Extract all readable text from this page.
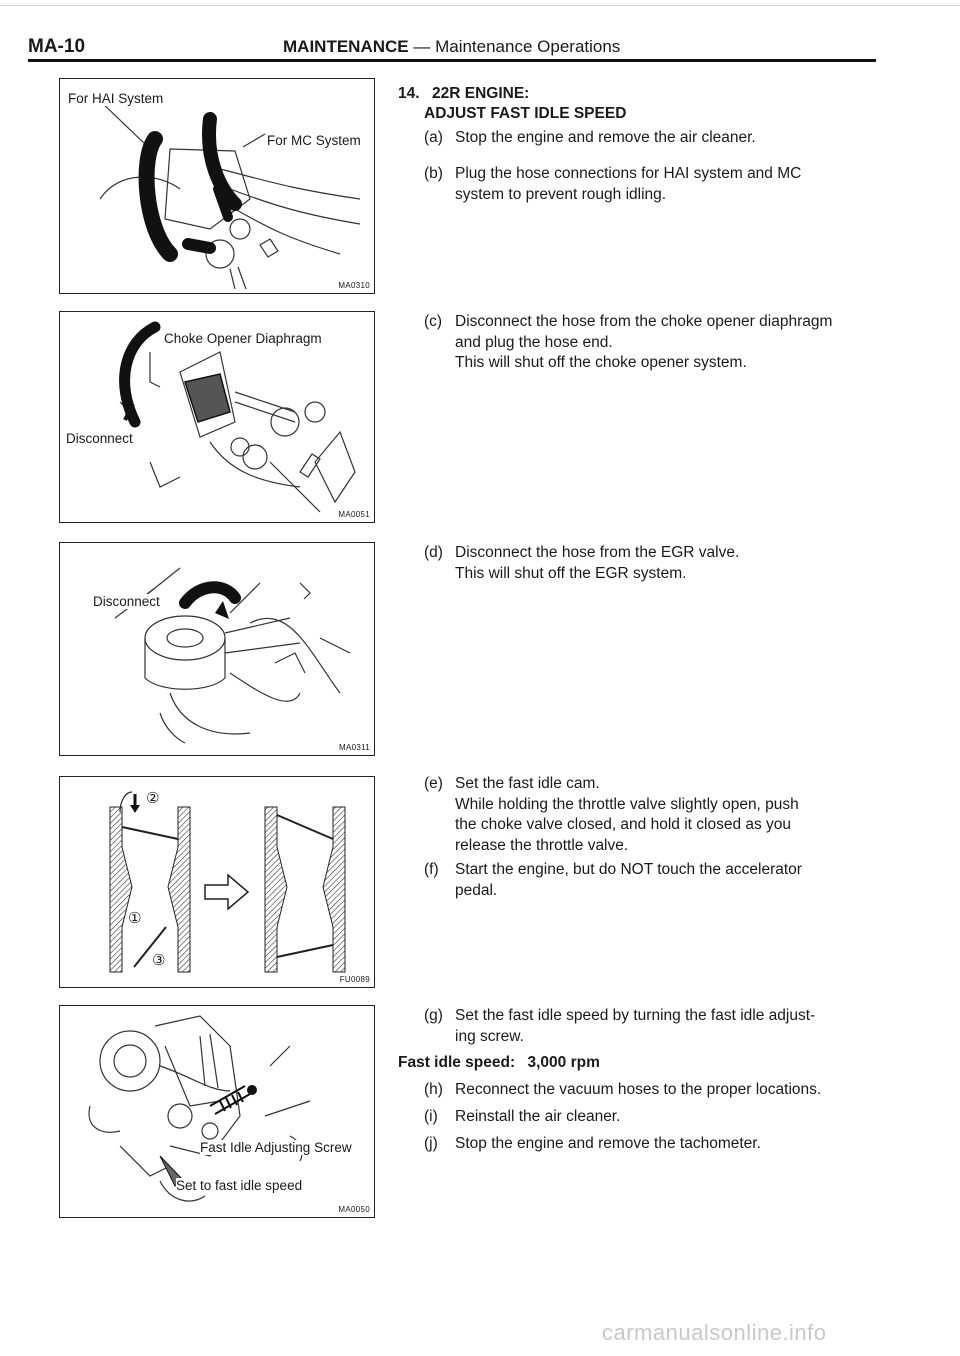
MA-10	MAINTENANCE — Maintenance Operations
For HAI System
For MC System
MA0310
Choke Opener Diaphragm
Disconnect
MA0051
Disconnect
MA0311
②
①
③
FU0089
Fast Idle Adjusting Screw
Set to fast idle speed
MA0050
14. 22R ENGINE:
ADJUST FAST IDLE SPEED
(a) Stop the engine and remove the air cleaner.
(b) Plug the hose connections for HAI system and MC
system to prevent rough idling.
(c) Disconnect the hose from the choke opener diaphragm
and plug the hose end.
This will shut off the choke opener system.
(d) Disconnect the hose from the EGR valve.
This will shut off the EGR system.
(e) Set the fast idle cam.
While holding the throttle valve slightly open, push
the choke valve closed, and hold it closed as you
release the throttle valve.
(f) Start the engine, but do NOT touch the accelerator
pedal.
(g) Set the fast idle speed by turning the fast idle adjust-
ing screw.
Fast idle speed: 3,000 rpm
(h) Reconnect the vacuum hoses to the proper locations.
(i) Reinstall the air cleaner.
(j) Stop the engine and remove the tachometer.
carmanualsonline.info
